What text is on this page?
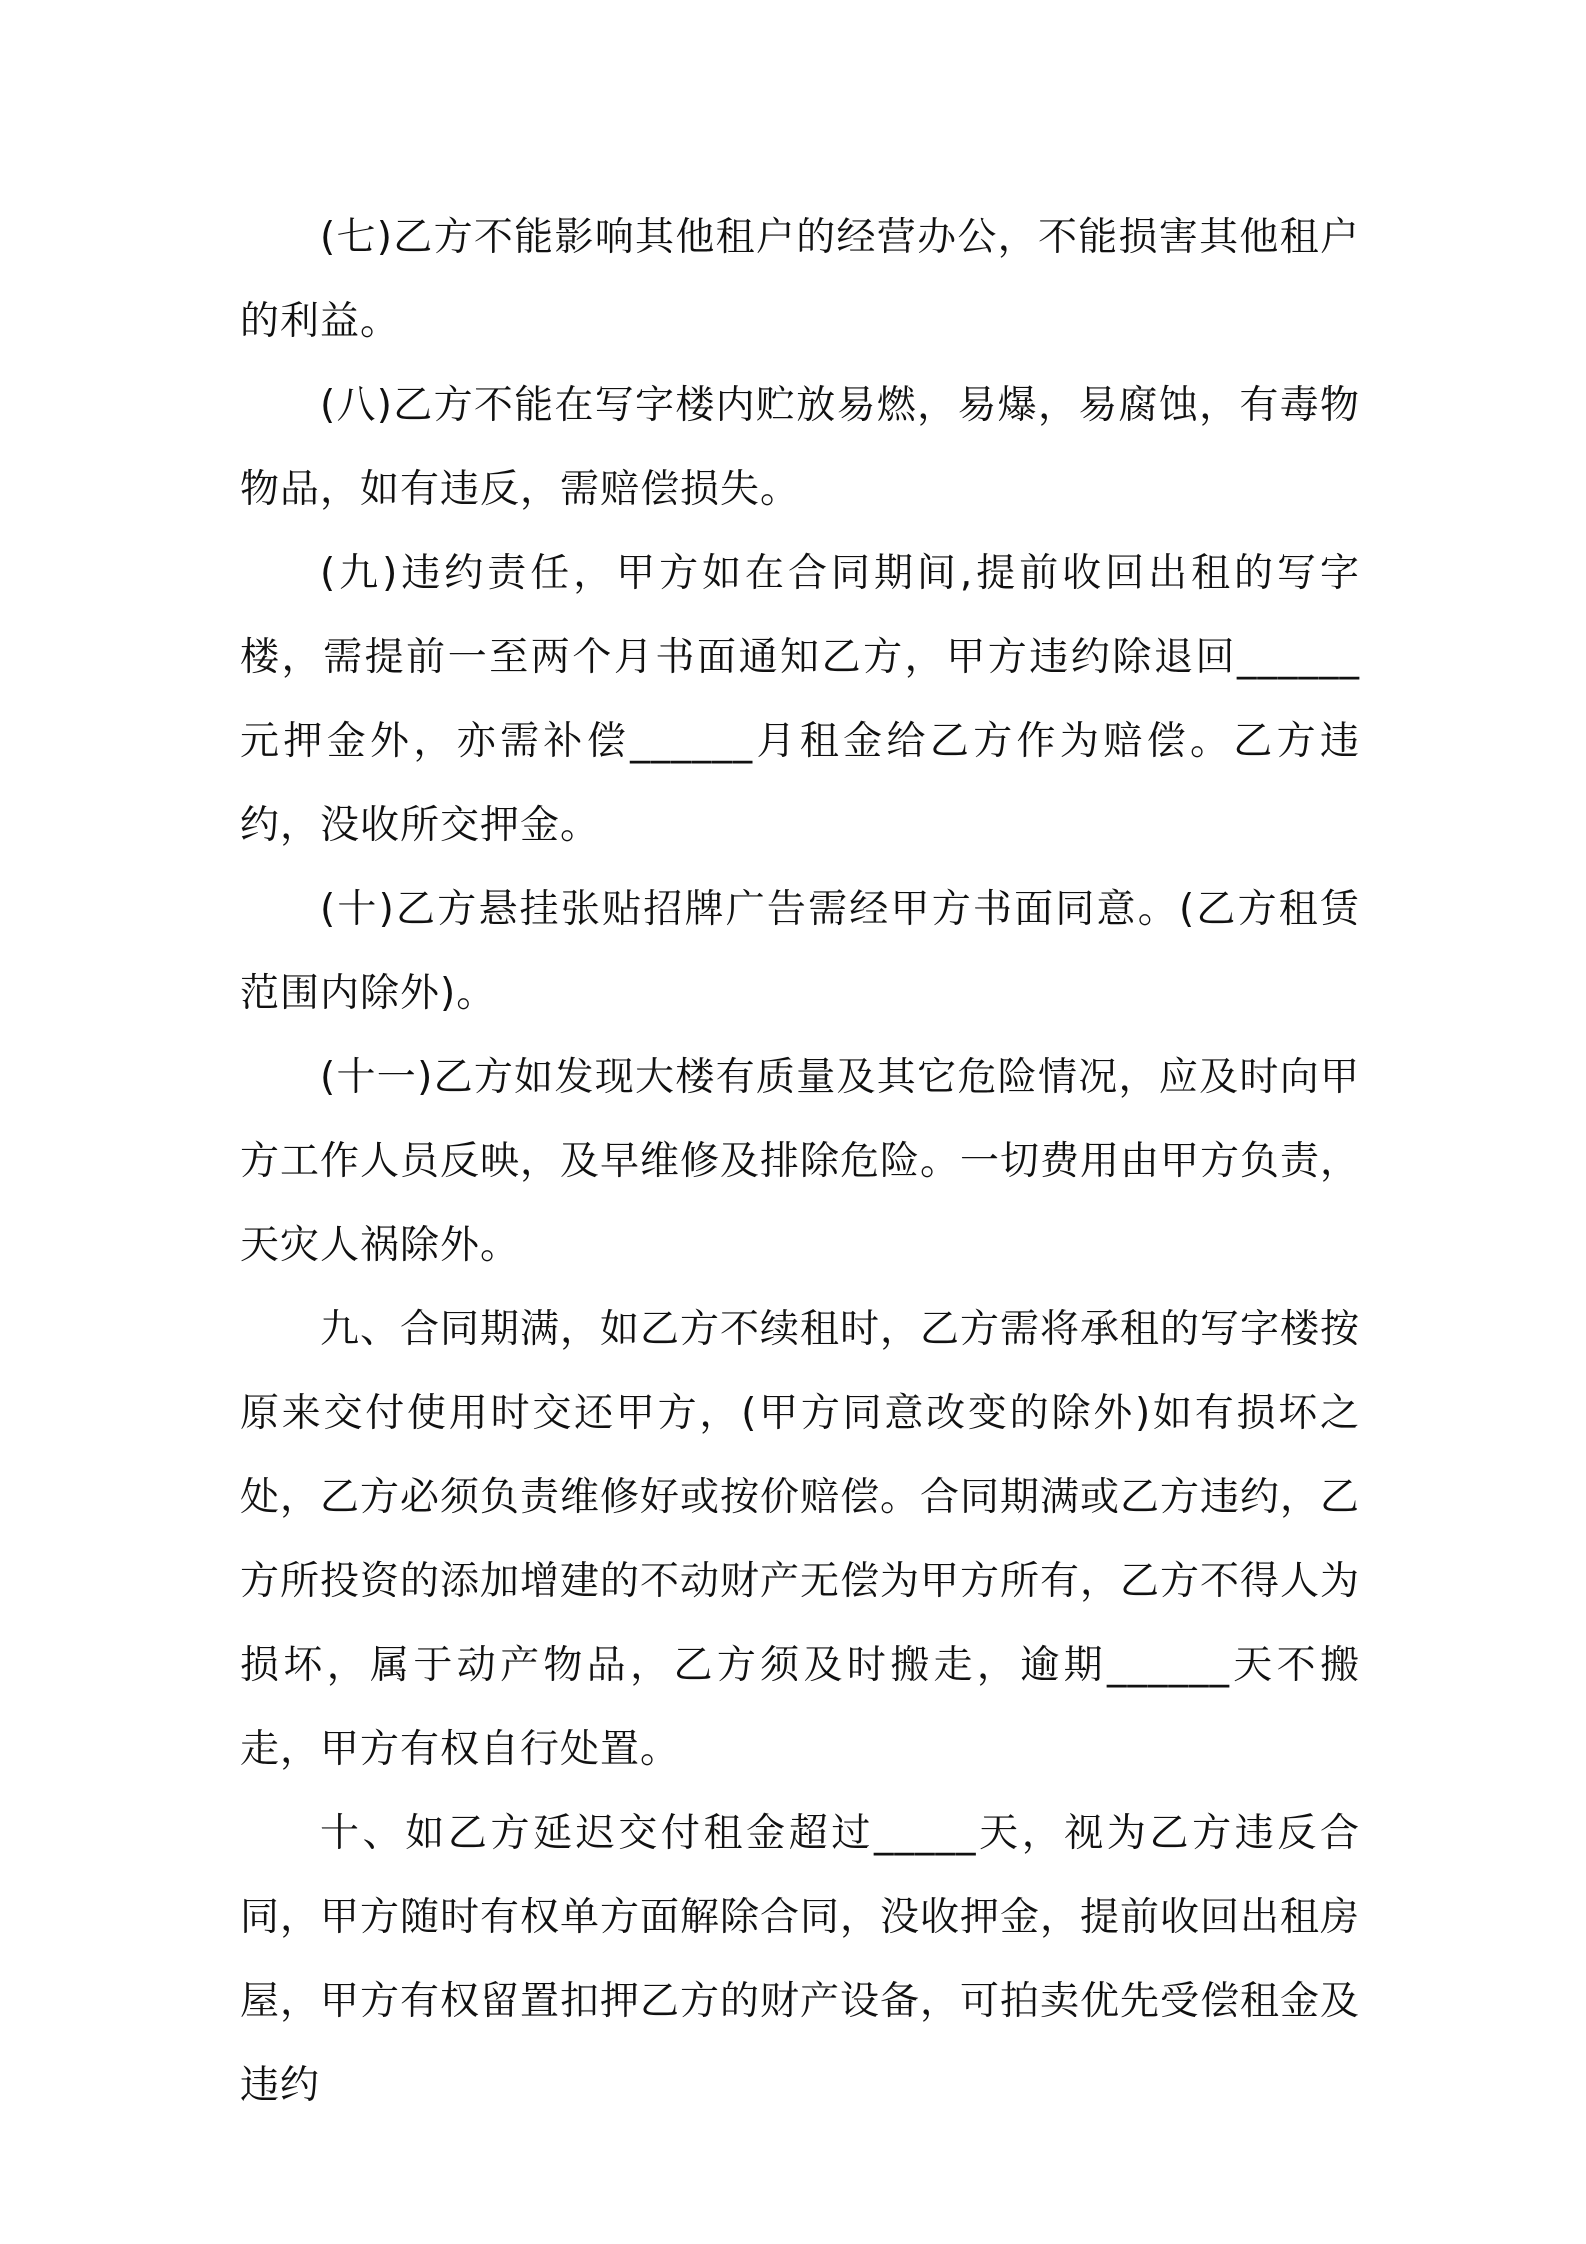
(七)乙方不能影响其他租户的经营办公，不能损害其他租户的利益。

(八)乙方不能在写字楼内贮放易燃，易爆，易腐蚀，有毒物物品，如有违反，需赔偿损失。

(九)违约责任，甲方如在合同期间,提前收回出租的写字楼，需提前一至两个月书面通知乙方，甲方违约除退回______元押金外，亦需补偿______月租金给乙方作为赔偿。乙方违约，没收所交押金。

(十)乙方悬挂张贴招牌广告需经甲方书面同意。(乙方租赁范围内除外)。

(十一)乙方如发现大楼有质量及其它危险情况，应及时向甲方工作人员反映，及早维修及排除危险。一切费用由甲方负责，天灾人祸除外。

九、合同期满，如乙方不续租时，乙方需将承租的写字楼按原来交付使用时交还甲方，(甲方同意改变的除外)如有损坏之处，乙方必须负责维修好或按价赔偿。合同期满或乙方违约，乙方所投资的添加增建的不动财产无偿为甲方所有，乙方不得人为损坏，属于动产物品，乙方须及时搬走，逾期______天不搬走，甲方有权自行处置。

十、如乙方延迟交付租金超过_____天，视为乙方违反合同，甲方随时有权单方面解除合同，没收押金，提前收回出租房屋，甲方有权留置扣押乙方的财产设备，可拍卖优先受偿租金及违约
